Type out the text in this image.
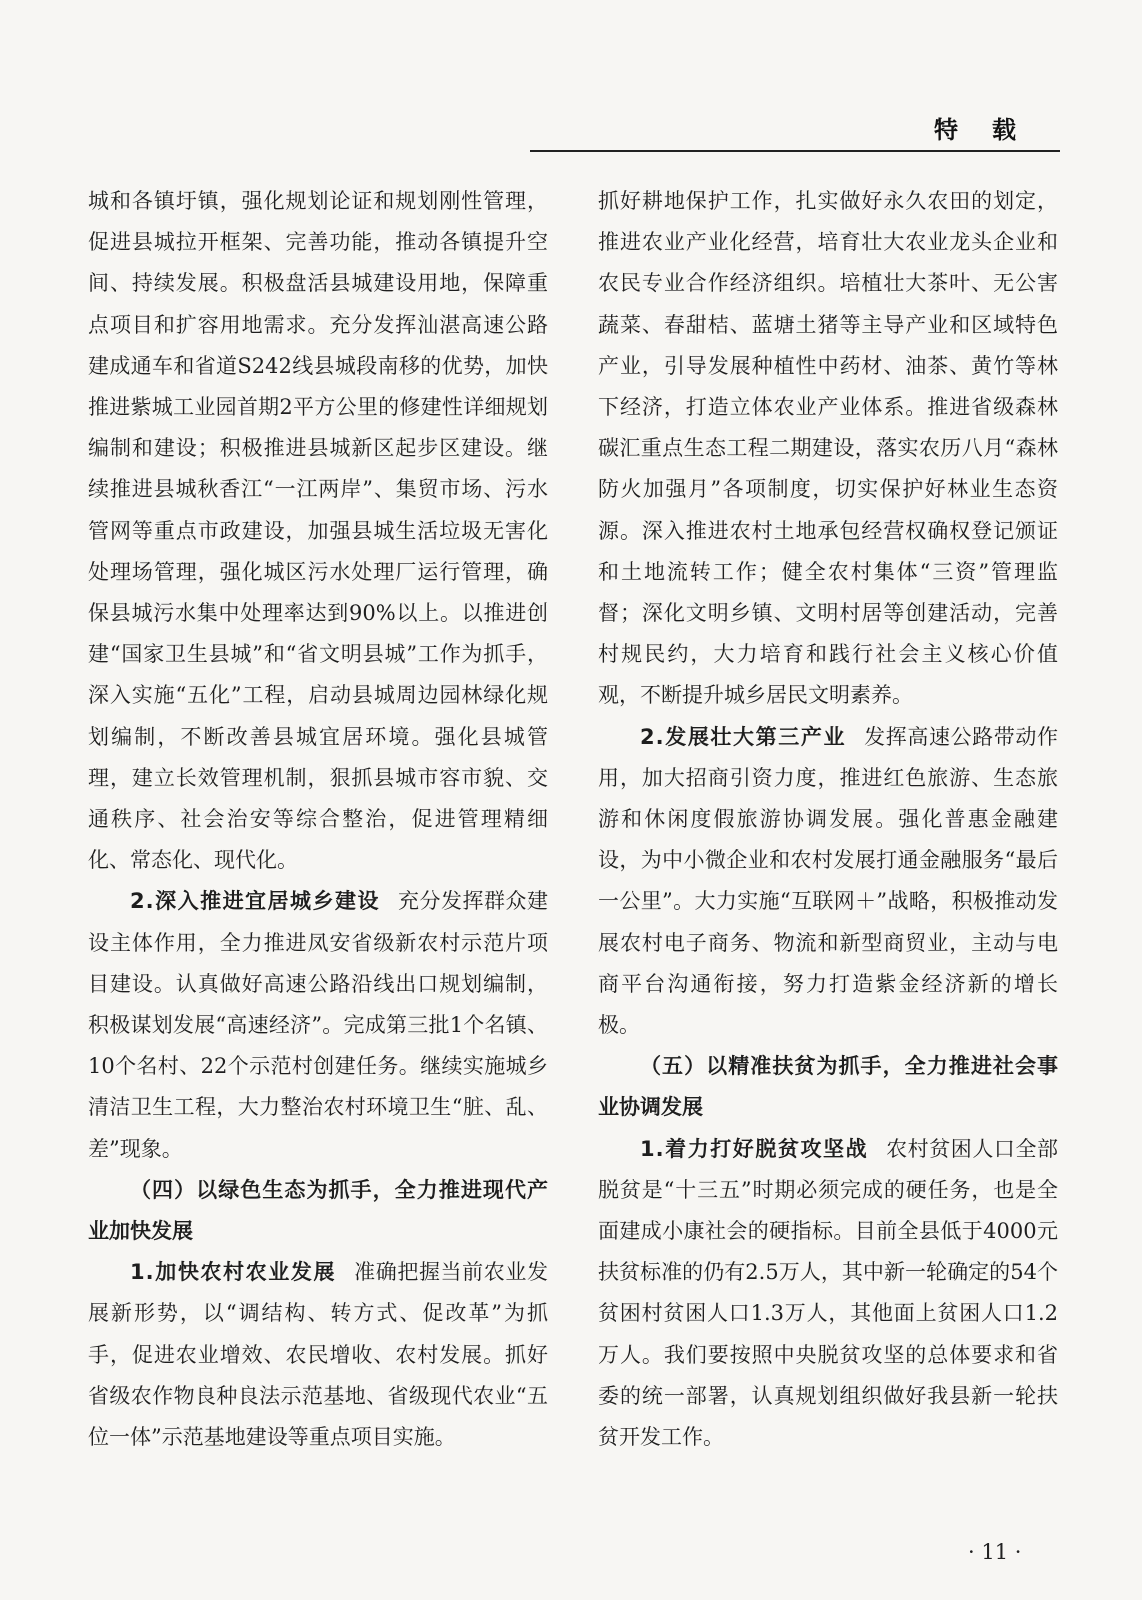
特载

城和各镇圩镇，强化规划论证和规划刚性管理，促进县城拉开框架、完善功能，推动各镇提升空间、持续发展。积极盘活县城建设用地，保障重点项目和扩容用地需求。充分发挥汕湛高速公路建成通车和省道S242线县城段南移的优势，加快推进紫城工业园首期2平方公里的修建性详细规划编制和建设；积极推进县城新区起步区建设。继续推进县城秋香江“一江两岸”、集贸市场、污水管网等重点市政建设，加强县城生活垃圾无害化处理场管理，强化城区污水处理厂运行管理，确保县城污水集中处理率达到90%以上。以推进创建“国家卫生县城”和“省文明县城”工作为抓手，深入实施“五化”工程，启动县城周边园林绿化规划编制，不断改善县城宜居环境。强化县城管理，建立长效管理机制，狠抓县城市容市貌、交通秩序、社会治安等综合整治，促进管理精细化、常态化、现代化。

2.深入推进宜居城乡建设 充分发挥群众建设主体作用，全力推进凤安省级新农村示范片项目建设。认真做好高速公路沿线出口规划编制，积极谋划发展“高速经济”。完成第三批1个名镇、10个名村、22个示范村创建任务。继续实施城乡清洁卫生工程，大力整治农村环境卫生“脏、乱、差”现象。

（四）以绿色生态为抓手，全力推进现代产业加快发展

1.加快农村农业发展 准确把握当前农业发展新形势，以“调结构、转方式、促改革”为抓手，促进农业增效、农民增收、农村发展。抓好省级农作物良种良法示范基地、省级现代农业“五位一体”示范基地建设等重点项目实施。

抓好耕地保护工作，扎实做好永久农田的划定，推进农业产业化经营，培育壮大农业龙头企业和农民专业合作经济组织。培植壮大茶叶、无公害蔬菜、春甜桔、蓝塘土猪等主导产业和区域特色产业，引导发展种植性中药材、油茶、黄竹等林下经济，打造立体农业产业体系。推进省级森林碳汇重点生态工程二期建设，落实农历八月“森林防火加强月”各项制度，切实保护好林业生态资源。深入推进农村土地承包经营权确权登记颁证和土地流转工作；健全农村集体“三资”管理监督；深化文明乡镇、文明村居等创建活动，完善村规民约，大力培育和践行社会主义核心价值观，不断提升城乡居民文明素养。

2.发展壮大第三产业 发挥高速公路带动作用，加大招商引资力度，推进红色旅游、生态旅游和休闲度假旅游协调发展。强化普惠金融建设，为中小微企业和农村发展打通金融服务“最后一公里”。大力实施“互联网＋”战略，积极推动发展农村电子商务、物流和新型商贸业，主动与电商平台沟通衔接，努力打造紫金经济新的增长极。

（五）以精准扶贫为抓手，全力推进社会事业协调发展

1.着力打好脱贫攻坚战 农村贫困人口全部脱贫是“十三五”时期必须完成的硬任务，也是全面建成小康社会的硬指标。目前全县低于4000元扶贫标准的仍有2.5万人，其中新一轮确定的54个贫困村贫困人口1.3万人，其他面上贫困人口1.2万人。我们要按照中央脱贫攻坚的总体要求和省委的统一部署，认真规划组织做好我县新一轮扶贫开发工作。

· 11 ·
